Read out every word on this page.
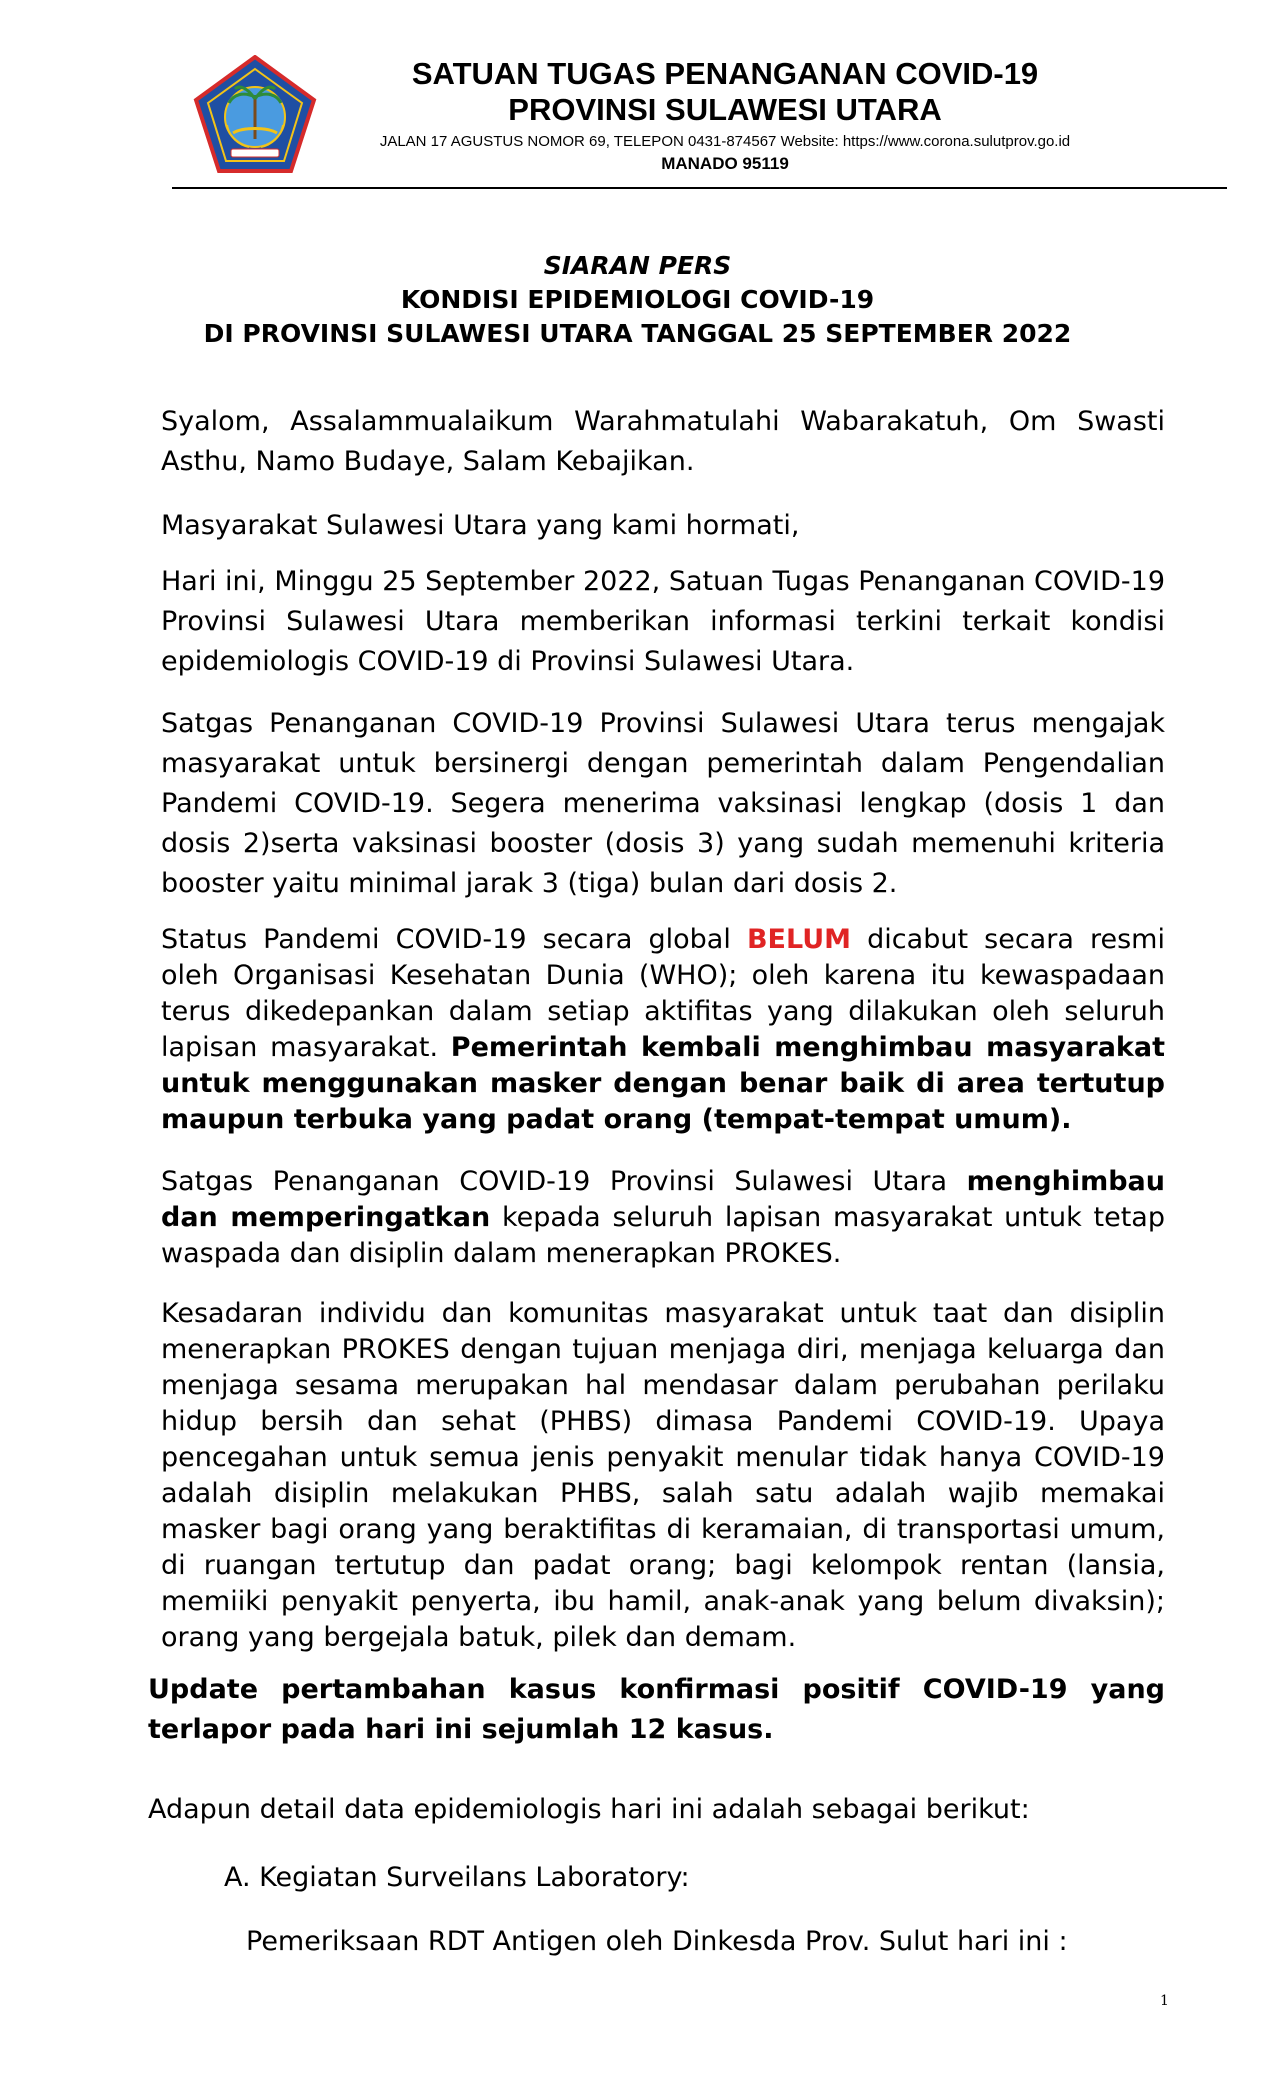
SATUAN TUGAS PENANGANAN COVID-19
PROVINSI SULAWESI UTARA
JALAN 17 AGUSTUS NOMOR 69, TELEPON 0431-874567 Website: https://www.corona.sulutprov.go.id
MANADO 95119
SIARAN PERS
KONDISI EPIDEMIOLOGI COVID-19
DI PROVINSI SULAWESI UTARA TANGGAL 25 SEPTEMBER 2022
Syalom, Assalammualaikum Warahmatulahi Wabarakatuh, Om Swasti Asthu, Namo Budaye, Salam Kebajikan.
Masyarakat Sulawesi Utara yang kami hormati,
Hari ini, Minggu 25 September 2022, Satuan Tugas Penanganan COVID-19 Provinsi Sulawesi Utara memberikan informasi terkini terkait kondisi epidemiologis COVID-19 di Provinsi Sulawesi Utara.
Satgas Penanganan COVID-19 Provinsi Sulawesi Utara terus mengajak masyarakat untuk bersinergi dengan pemerintah dalam Pengendalian Pandemi COVID-19. Segera menerima vaksinasi lengkap (dosis 1 dan dosis 2)serta vaksinasi booster (dosis 3) yang sudah memenuhi kriteria booster yaitu minimal jarak 3 (tiga) bulan dari dosis 2.
Status Pandemi COVID-19 secara global BELUM dicabut secara resmi oleh Organisasi Kesehatan Dunia (WHO); oleh karena itu kewaspadaan terus dikedepankan dalam setiap aktifitas yang dilakukan oleh seluruh lapisan masyarakat. Pemerintah kembali menghimbau masyarakat untuk menggunakan masker dengan benar baik di area tertutup maupun terbuka yang padat orang (tempat-tempat umum).
Satgas Penanganan COVID-19 Provinsi Sulawesi Utara menghimbau dan memperingatkan kepada seluruh lapisan masyarakat untuk tetap waspada dan disiplin dalam menerapkan PROKES.
Kesadaran individu dan komunitas masyarakat untuk taat dan disiplin menerapkan PROKES dengan tujuan menjaga diri, menjaga keluarga dan menjaga sesama merupakan hal mendasar dalam perubahan perilaku hidup bersih dan sehat (PHBS) dimasa Pandemi COVID-19. Upaya pencegahan untuk semua jenis penyakit menular tidak hanya COVID-19 adalah disiplin melakukan PHBS, salah satu adalah wajib memakai masker bagi orang yang beraktifitas di keramaian, di transportasi umum, di ruangan tertutup dan padat orang; bagi kelompok rentan (lansia, memiiki penyakit penyerta, ibu hamil, anak-anak yang belum divaksin); orang yang bergejala batuk, pilek dan demam.
Update pertambahan kasus konfirmasi positif COVID-19 yang terlapor pada hari ini sejumlah 12 kasus.
Adapun detail data epidemiologis hari ini adalah sebagai berikut:
A. Kegiatan Surveilans Laboratory:
Pemeriksaan RDT Antigen oleh Dinkesda Prov. Sulut hari ini :
1
